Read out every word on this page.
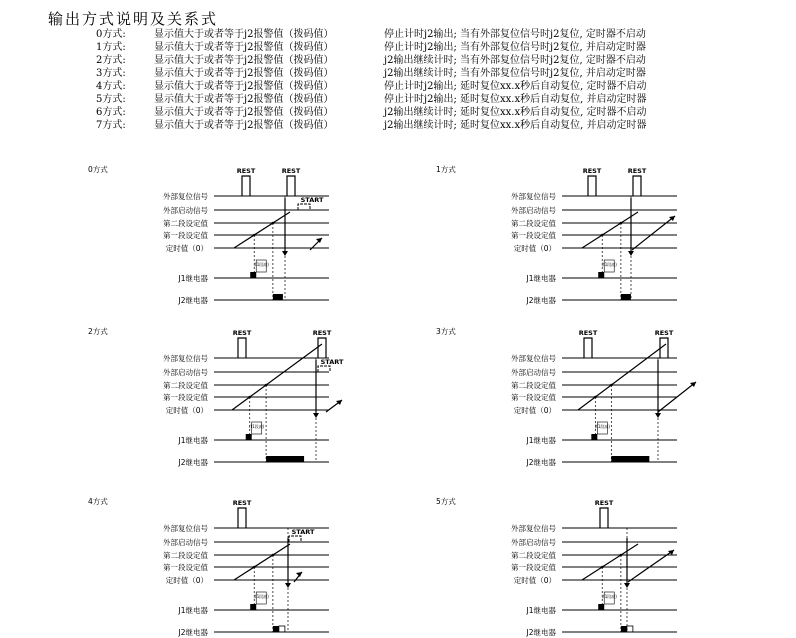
输出方式说明及关系式
0方式:	显示值大于或者等于j2报警值（拨码值）	停止计时j2输出; 当有外部复位信号时j2复位, 定时器不启动
1方式:	显示值大于或者等于j2报警值（拨码值）	停止计时j2输出; 当有外部复位信号时j2复位, 并启动定时器
2方式:	显示值大于或者等于j2报警值（拨码值）	j2输出继续计时; 当有外部复位信号时j2复位, 定时器不启动
3方式:	显示值大于或者等于j2报警值（拨码值）	j2输出继续计时; 当有外部复位信号时j2复位, 并启动定时器
4方式:	显示值大于或者等于j2报警值（拨码值）	停止计时j2输出; 延时复位xx.x秒后自动复位, 定时器不启动
5方式:	显示值大于或者等于j2报警值（拨码值）	停止计时j2输出; 延时复位xx.x秒后自动复位, 并启动定时器
6方式:	显示值大于或者等于j2报警值（拨码值）	j2输出继续计时; 延时复位xx.x秒后自动复位, 定时器不启动
7方式:	显示值大于或者等于j2报警值（拨码值）	j2输出继续计时; 延时复位xx.x秒后自动复位, 并启动定时器
0方式
外部复位信号
外部启动信号
第二段设定值
第一段设定值
定时值（0）
J1继电器
J2继电器
REST	REST
(t1段减)
START
1方式
外部复位信号
外部启动信号
第二段设定值
第一段设定值
定时值（0）
J1继电器
J2继电器
REST	REST
(t1段减)
2方式
外部复位信号
外部启动信号
第二段设定值
第一段设定值
定时值（0）
J1继电器
J2继电器
REST	REST
(t1段减)
START
3方式
外部复位信号
外部启动信号
第二段设定值
第一段设定值
定时值（0）
J1继电器
J2继电器
REST	REST
(t1段减)
4方式
外部复位信号
外部启动信号
第二段设定值
第一段设定值
定时值（0）
J1继电器
J2继电器
REST
(t1段减)
START
5方式
外部复位信号
外部启动信号
第二段设定值
第一段设定值
定时值（0）
J1继电器
J2继电器
REST
(t1段减)
